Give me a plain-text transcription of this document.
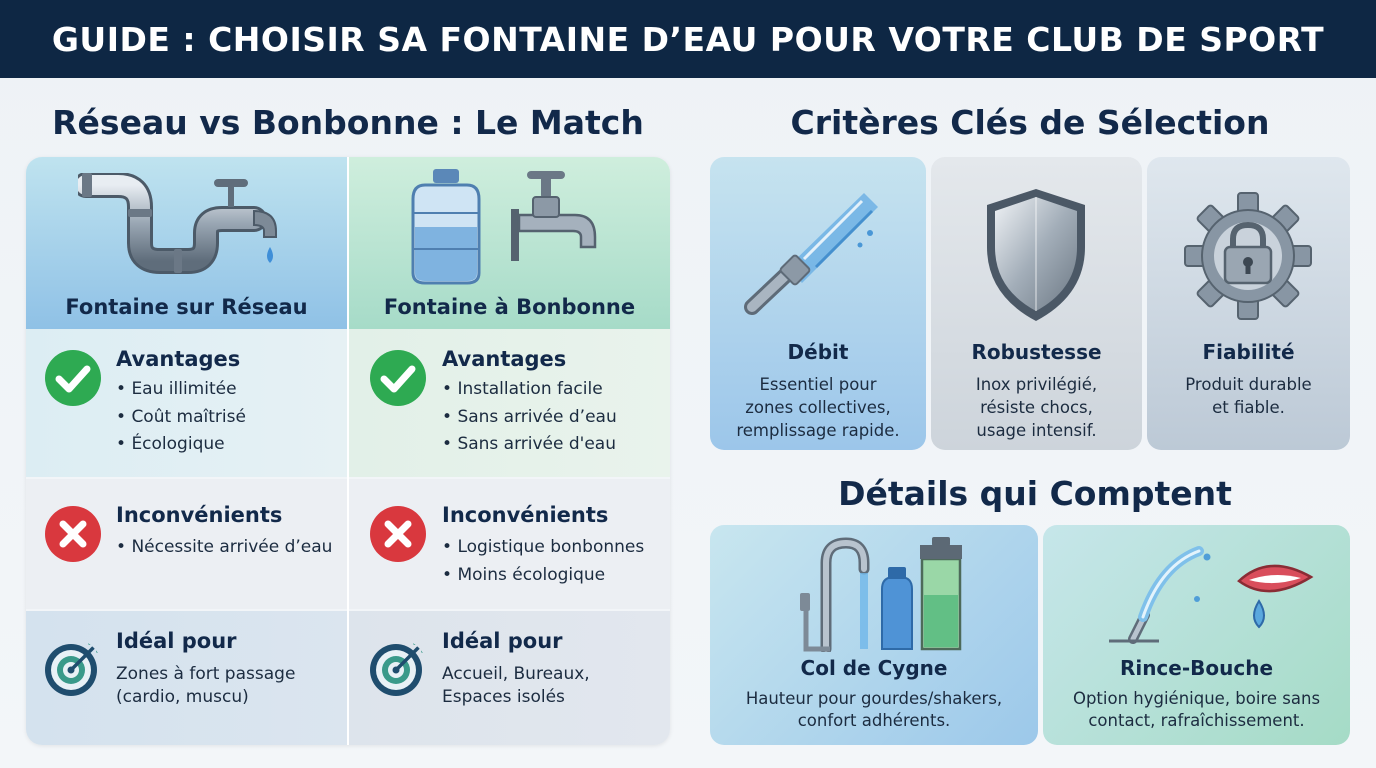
GUIDE : CHOISIR SA FONTAINE D’EAU POUR VOTRE CLUB DE SPORT
Réseau vs Bonbonne : Le Match
Fontaine sur Réseau
Avantages
• Eau illimitée
• Coût maîtrisé
• Écologique
Inconvénients
• Nécessite arrivée d’eau
Idéal pour
Zones à fort passage
(cardio, muscu)
Fontaine à Bonbonne
Avantages
• Installation facile
• Sans arrivée d’eau
• Sans arrivée d'eau
Inconvénients
• Logistique bonbonnes
• Moins écologique
Idéal pour
Accueil, Bureaux,
Espaces isolés
Critères Clés de Sélection
Débit
Essentiel pour
zones collectives,
remplissage rapide.
Robustesse
Inox privilégié,
résiste chocs,
usage intensif.
Fiabilité
Produit durable
et fiable.
Détails qui Comptent
Col de Cygne
Hauteur pour gourdes/shakers,
confort adhérents.
Rince-Bouche
Option hygiénique, boire sans
contact, rafraîchissement.
